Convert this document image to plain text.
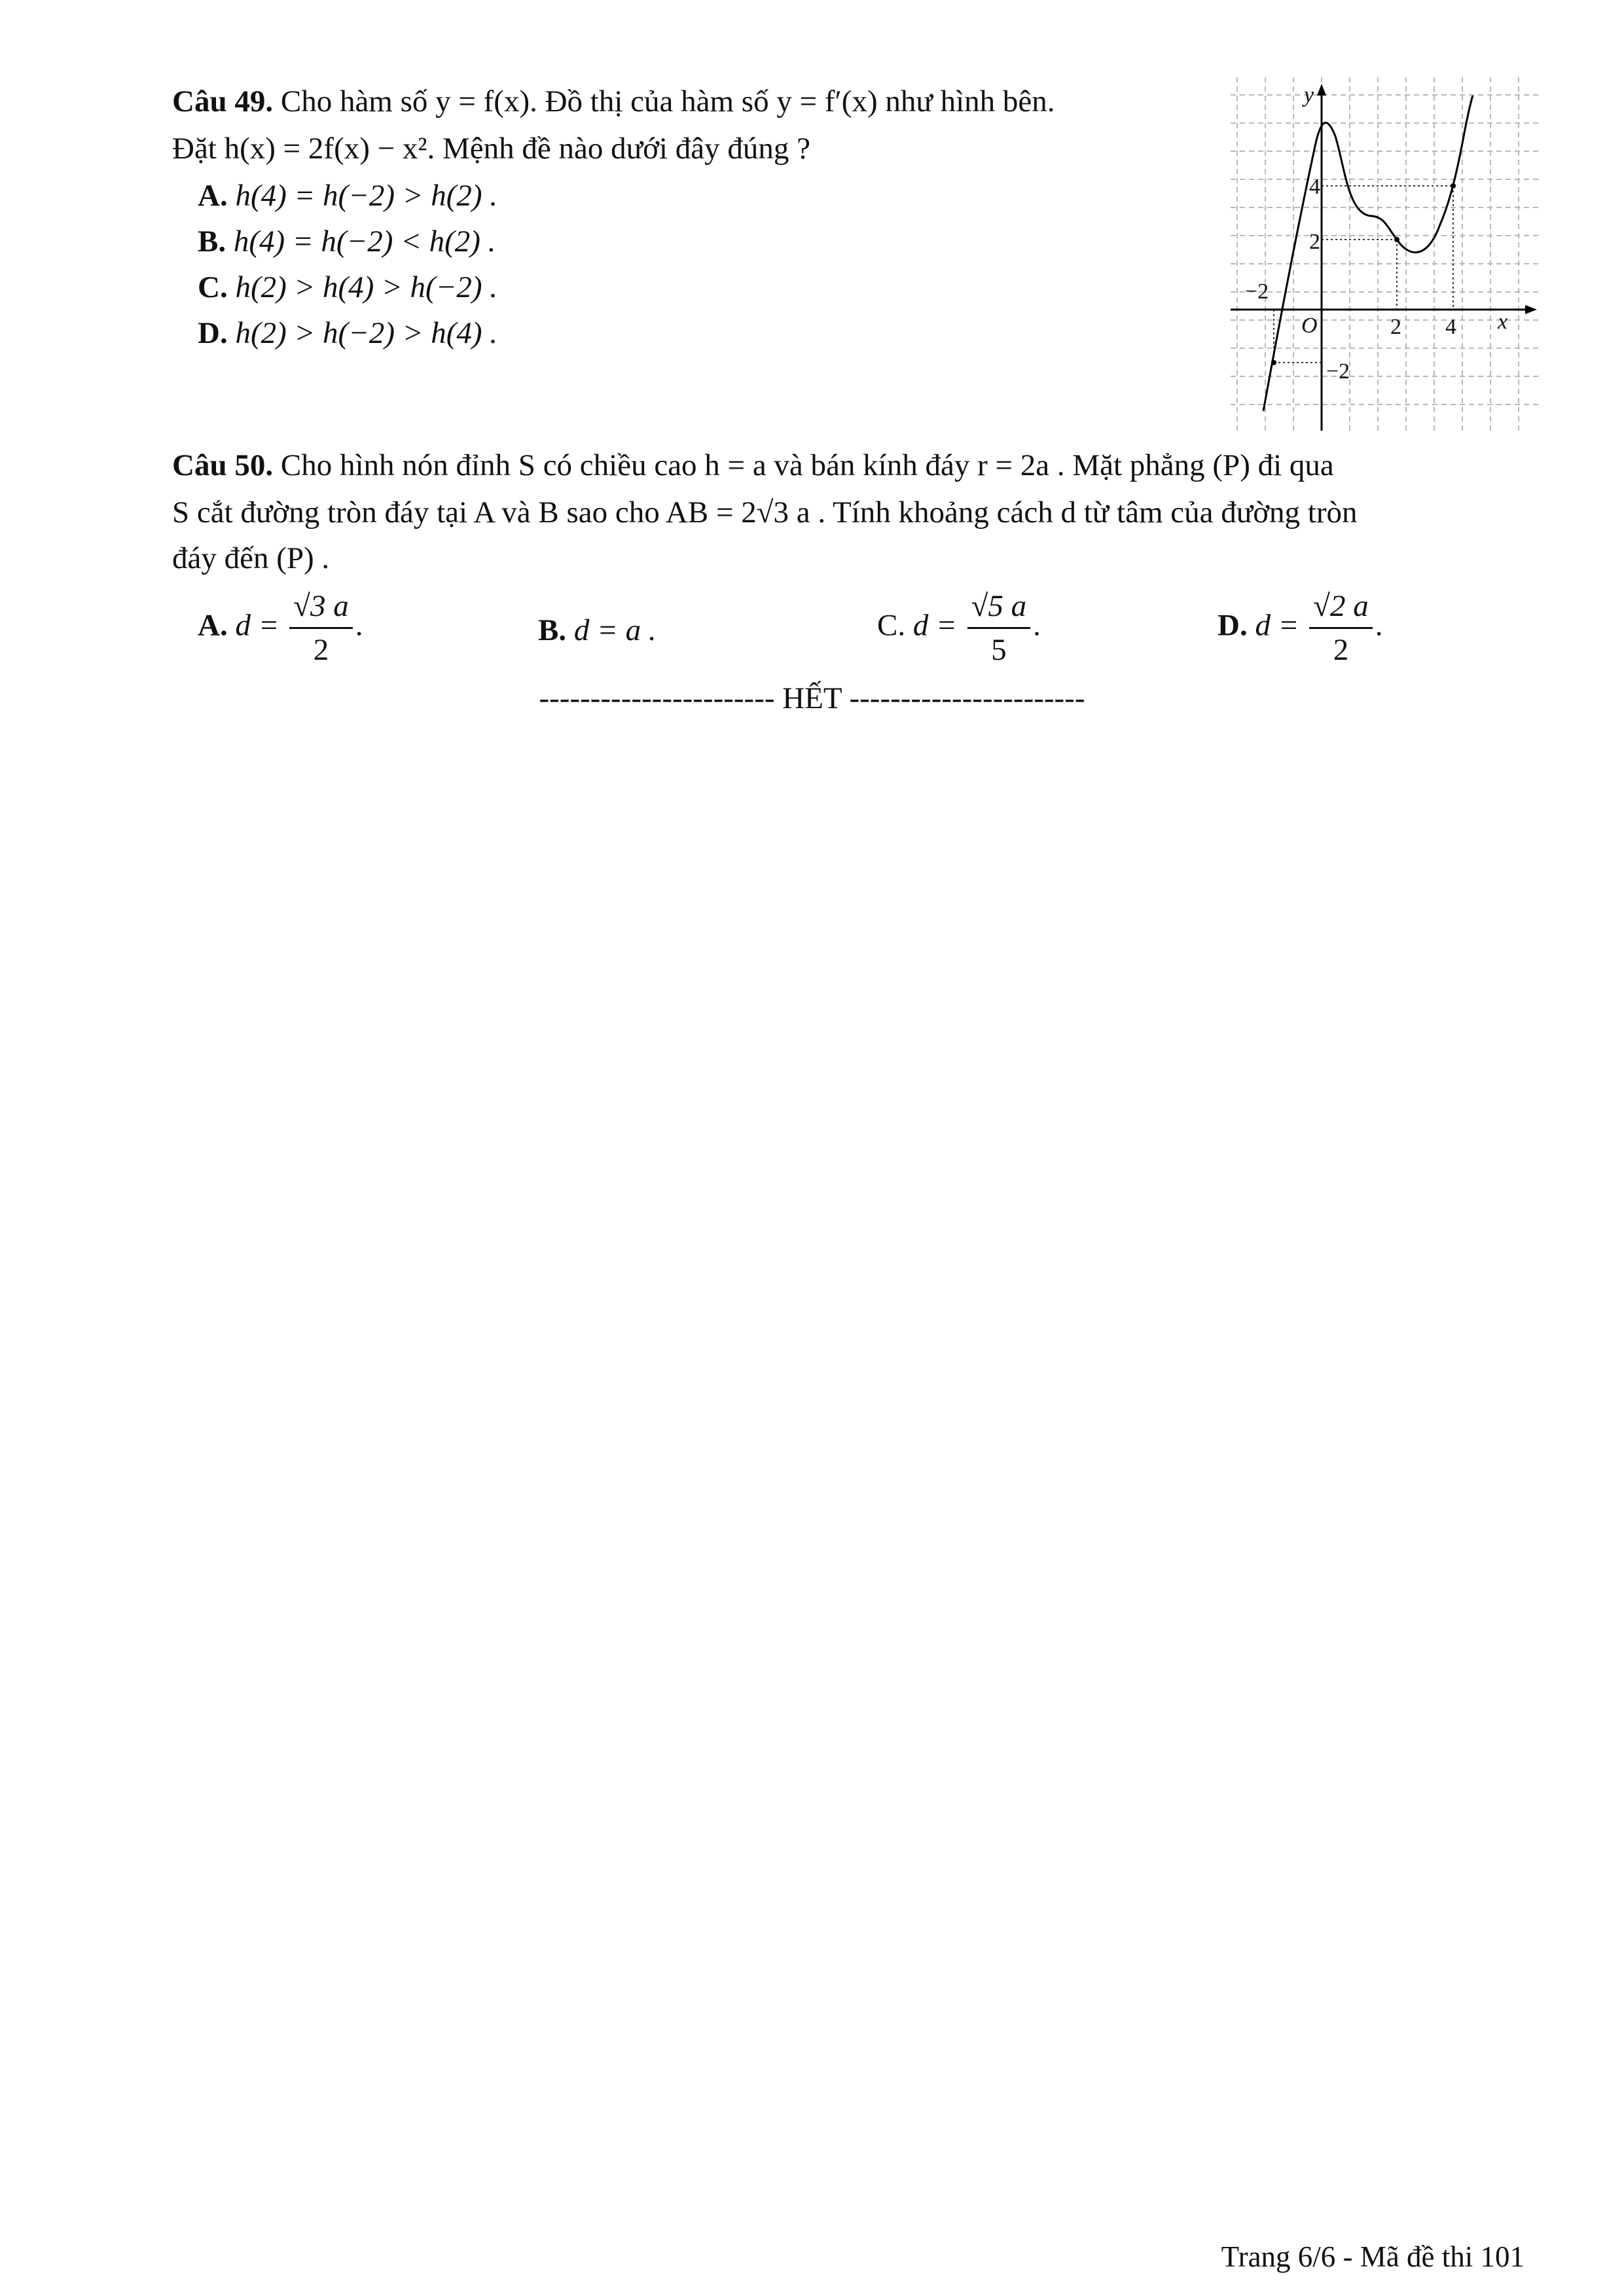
Câu 49. Cho hàm số y = f(x). Đồ thị của hàm số y = f′(x) như hình bên.
Đặt h(x) = 2f(x) − x². Mệnh đề nào dưới đây đúng ?
A. h(4) = h(−2) > h(2) .
B. h(4) = h(−2) < h(2) .
C. h(2) > h(4) > h(−2) .
D. h(2) > h(−2) > h(4) .
y
x
O
4
2
−2
−2
2 4
Câu 50. Cho hình nón đỉnh S có chiều cao h = a và bán kính đáy r = 2a . Mặt phẳng (P) đi qua
S cắt đường tròn đáy tại A và B sao cho AB = 2√3 a . Tính khoảng cách d từ tâm của đường tròn
đáy đến (P) .
A. $d = \frac{√3 a}{2}$ .	B. d = a .	C. $d = \frac{√5 a}{5}$ .	D. $d = \frac{√2 a}{2}$ .
----------------------- HẾT -----------------------
Trang 6/6 - Mã đề thi 101
